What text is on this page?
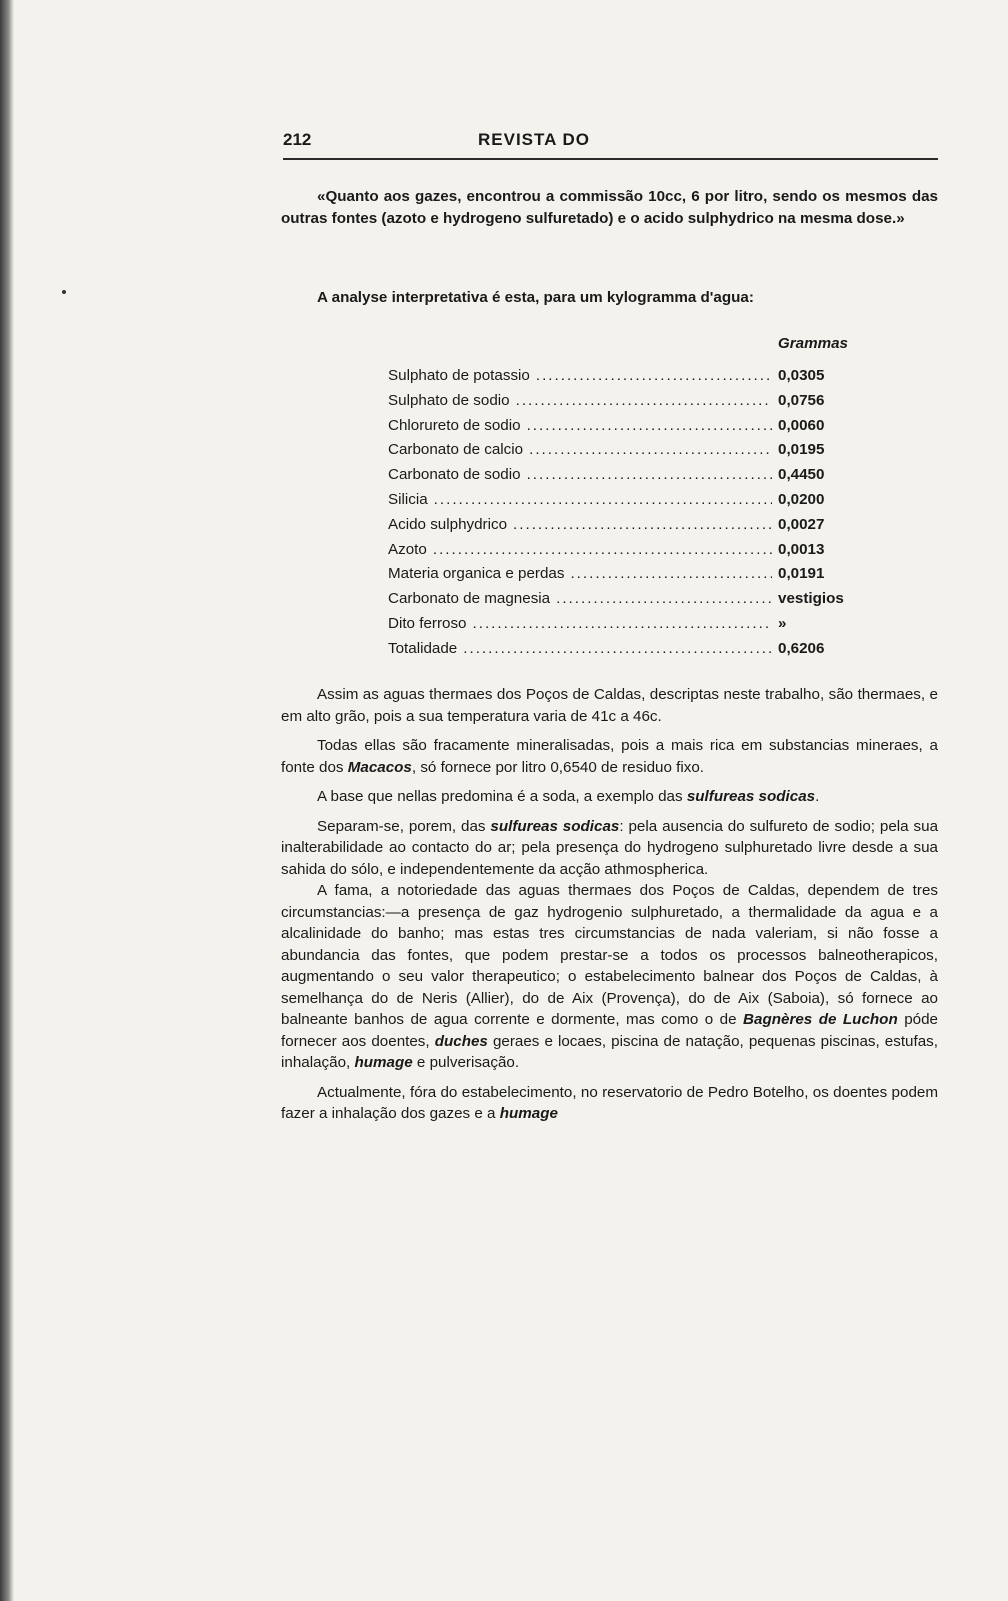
212	REVISTA DO

«Quanto aos gazes, encontrou a commissão 10cc, 6 por litro, sendo os mesmos das outras fontes (azoto e hydrogeno sulfuretado) e o acido sulphydrico na mesma dose.»

A analyse interpretativa é esta, para um kylogramma d'agua:

Grammas
Sulphato de potassio .....	0,0305
Sulphato de sodio .....	0,0756
Chlorureto de sodio .....	0,0060
Carbonato de calcio .....	0,0195
Carbonato de sodio .....	0,4450
Silicia .....	0,0200
Acido sulphydrico .....	0,0027
Azoto .....	0,0013
Materia organica e perdas .....	0,0191
Carbonato de magnesia .....	vestigios
Dito ferroso .....	»
Totalidade .....	0,6206

Assim as aguas thermaes dos Poços de Caldas, descriptas neste trabalho, são thermaes, e em alto grão, pois a sua temperatura varia de 41c a 46c.

Todas ellas são fracamente mineralisadas, pois a mais rica em substancias mineraes, a fonte dos Macacos, só fornece por litro 0,6540 de residuo fixo.

A base que nellas predomina é a soda, a exemplo das sulfureas sodicas.

Separam-se, porem, das sulfureas sodicas: pela ausencia do sulfureto de sodio; pela sua inalterabilidade ao contacto do ar; pela presença do hydrogeno sulphuretado livre desde a sua sahida do sólo, e independentemente da acção athmospherica.

A fama, a notoriedade das aguas thermaes dos Poços de Caldas, dependem de tres circumstancias:—a presença de gaz hydrogenio sulphuretado, a thermalidade da agua e a alcalinidade do banho; mas estas tres circumstancias de nada valeriam, si não fosse a abundancia das fontes, que podem prestar-se a todos os processos balneotherapicos, augmentando o seu valor therapeutico; o estabelecimento balnear dos Poços de Caldas, à semelhança do de Neris (Allier), do de Aix (Provença), do de Aix (Saboia), só fornece ao balneante banhos de agua corrente e dormente, mas como o de Bagnères de Luchon póde fornecer aos doentes, duches geraes e locaes, piscina de natação, pequenas piscinas, estufas, inhalação, humage e pulverisação.

Actualmente, fóra do estabelecimento, no reservatorio de Pedro Botelho, os doentes podem fazer a inhalação dos gazes e a humage
